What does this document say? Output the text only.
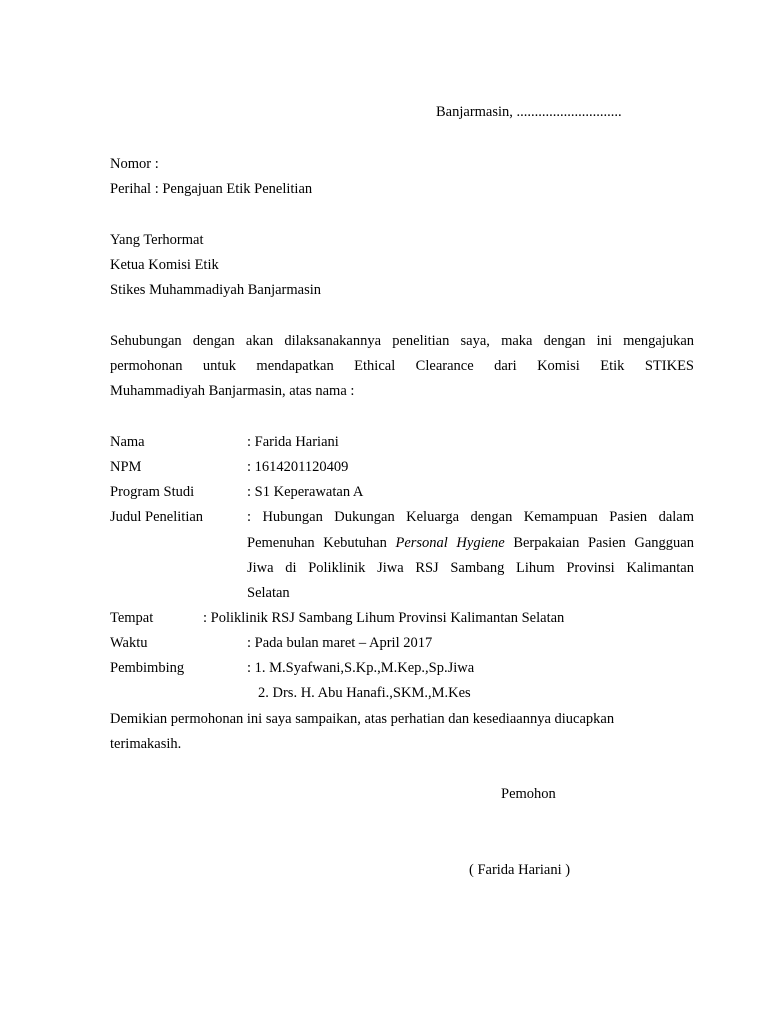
Banjarmasin, .............................
Nomor :
Perihal : Pengajuan Etik Penelitian
Yang Terhormat
Ketua Komisi Etik
Stikes Muhammadiyah Banjarmasin
Sehubungan dengan akan dilaksanakannya penelitian saya, maka dengan ini mengajukan
permohonan untuk mendapatkan Ethical Clearance dari Komisi Etik STIKES
Muhammadiyah Banjarmasin, atas nama :
Nama	: Farida Hariani
NPM	: 1614201120409
Program Studi	: S1 Keperawatan A
Judul Penelitian	: Hubungan Dukungan Keluarga dengan Kemampuan Pasien dalam
Pemenuhan Kebutuhan Personal Hygiene Berpakaian Pasien Gangguan
Jiwa di Poliklinik Jiwa RSJ Sambang Lihum Provinsi Kalimantan
Selatan
Tempat	: Poliklinik RSJ Sambang Lihum Provinsi Kalimantan Selatan
Waktu	: Pada bulan maret – April 2017
Pembimbing	: 1. M.Syafwani,S.Kp.,M.Kep.,Sp.Jiwa
2. Drs. H. Abu Hanafi.,SKM.,M.Kes
Demikian permohonan ini saya sampaikan, atas perhatian dan kesediaannya diucapkan
terimakasih.
Pemohon
( Farida Hariani )
